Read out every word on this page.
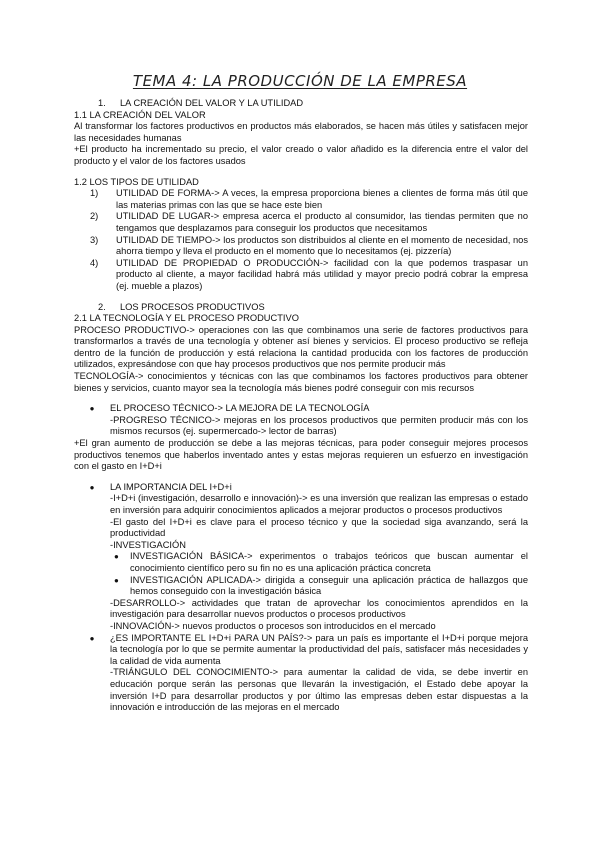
TEMA 4: LA PRODUCCIÓN DE LA EMPRESA

1. LA CREACIÓN DEL VALOR Y LA UTILIDAD

1.1 LA CREACIÓN DEL VALOR

Al transformar los factores productivos en productos más elaborados, se hacen más útiles y satisfacen mejor las necesidades humanas

+El producto ha incrementado su precio, el valor creado o valor añadido es la diferencia entre el valor del producto y el valor de los factores usados

1.2 LOS TIPOS DE UTILIDAD

1)	UTILIDAD DE FORMA-> A veces, la empresa proporciona bienes a clientes de forma más útil que las materias primas con las que se hace este bien
2)	UTILIDAD DE LUGAR-> empresa acerca el producto al consumidor, las tiendas permiten que no tengamos que desplazamos para conseguir los productos que necesitamos
3)	UTILIDAD DE TIEMPO-> los productos son distribuidos al cliente en el momento de necesidad, nos ahorra tiempo y lleva el producto en el momento que lo necesitamos (ej. pizzería)
4)	UTILIDAD DE PROPIEDAD O PRODUCCIÓN-> facilidad con la que podemos traspasar un producto al cliente, a mayor facilidad habrá más utilidad y mayor precio podrá cobrar la empresa (ej. mueble a plazos)

2. LOS PROCESOS PRODUCTIVOS

2.1 LA TECNOLOGÍA Y EL PROCESO PRODUCTIVO

PROCESO PRODUCTIVO-> operaciones con las que combinamos una serie de factores productivos para transformarlos a través de una tecnología y obtener así bienes y servicios. El proceso productivo se refleja dentro de la función de producción y está relaciona la cantidad producida con los factores de producción utilizados, expresándose con que hay procesos productivos que nos permite producir más

TECNOLOGÍA-> conocimientos y técnicas con las que combinamos los factores productivos para obtener bienes y servicios, cuanto mayor sea la tecnología más bienes podré conseguir con mis recursos

●	EL PROCESO TÉCNICO-> LA MEJORA DE LA TECNOLOGÍA

-PROGRESO TÉCNICO-> mejoras en los procesos productivos que permiten producir más con los mismos recursos (ej. supermercado-> lector de barras)

+El gran aumento de producción se debe a las mejoras técnicas, para poder conseguir mejores procesos productivos tenemos que haberlos inventado antes y estas mejoras requieren un esfuerzo en investigación con el gasto en I+D+i

●	LA IMPORTANCIA DEL I+D+i

-I+D+i (investigación, desarrollo e innovación)-> es una inversión que realizan las empresas o estado en inversión para adquirir conocimientos aplicados a mejorar productos o procesos productivos

-El gasto del I+D+i es clave para el proceso técnico y que la sociedad siga avanzando, será la productividad

-INVESTIGACIÓN

●	INVESTIGACIÓN BÁSICA-> experimentos o trabajos teóricos que buscan aumentar el conocimiento científico pero su fin no es una aplicación práctica concreta
●	INVESTIGACIÓN APLICADA-> dirigida a conseguir una aplicación práctica de hallazgos que hemos conseguido con la investigación básica

-DESARROLLO-> actividades que tratan de aprovechar los conocimientos aprendidos en la investigación para desarrollar nuevos productos o procesos productivos

-INNOVACIÓN-> nuevos productos o procesos son introducidos en el mercado

●	¿ES IMPORTANTE EL I+D+i PARA UN PAÍS?-> para un país es importante el I+D+i porque mejora la tecnología por lo que se permite aumentar la productividad del país, satisfacer más necesidades y la calidad de vida aumenta

-TRIÁNGULO DEL CONOCIMIENTO-> para aumentar la calidad de vida, se debe invertir en educación porque serán las personas que llevarán la investigación, el Estado debe apoyar la inversión I+D para desarrollar productos y por último las empresas deben estar dispuestas a la innovación e introducción de las mejoras en el mercado
